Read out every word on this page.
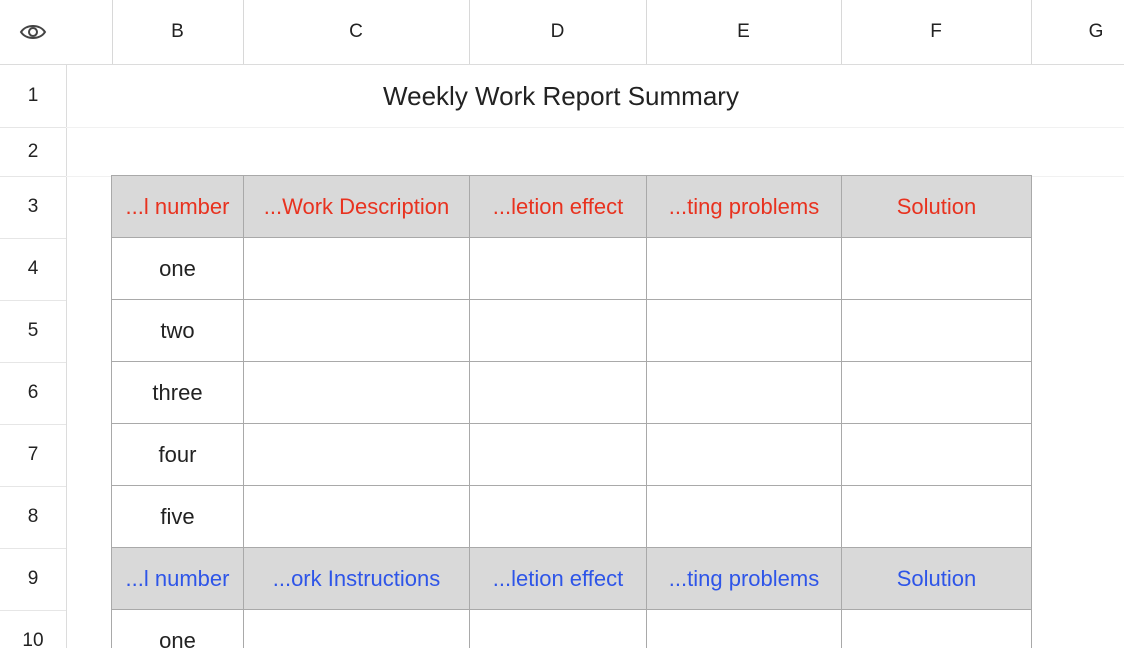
B	C	D	E	F	G
1
2
3
4
5
6
7
8
9
10
Weekly Work Report Summary
...l number	...Work Description	...letion effect	...ting problems	Solution
one
two
three
four
five
...l number	...ork Instructions	...letion effect	...ting problems	Solution
one
